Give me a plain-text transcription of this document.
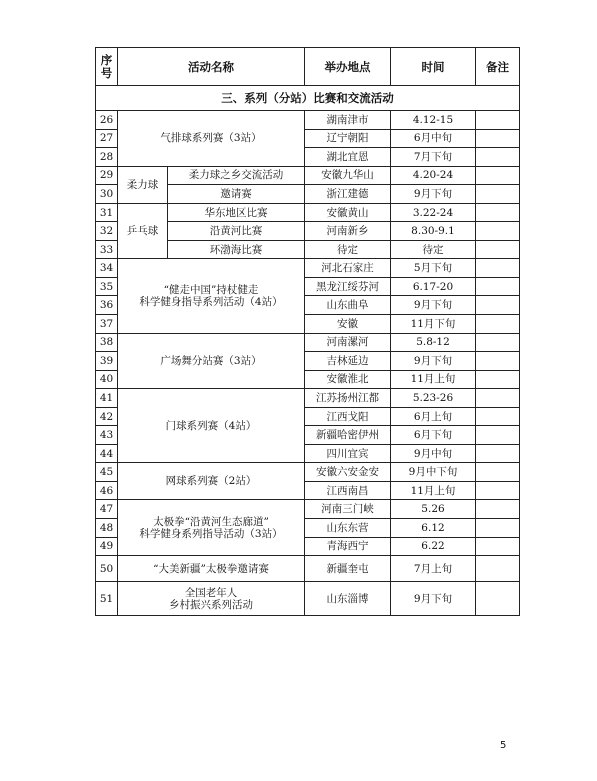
序号	活动名称		举办地点	时间	备注
三、系列（分站）比赛和交流活动					
26	气排球系列赛（3站）		湖南津市	4.12-15	
27			辽宁朝阳	6月中旬	
28			湖北宜恩	7月下旬	
29	柔力球	柔力球之乡交流活动	安徽九华山	4.20-24	
30		邀请赛	浙江建德	9月下旬	
31	乒乓球	华东地区比赛	安徽黄山	3.22-24	
32		沿黄河比赛	河南新乡	8.30-9.1	
33		环渤海比赛	待定	待定	
34	“健走中国”持杖健走
科学健身指导系列活动（4站）		河北石家庄	5月下旬	
35			黑龙江绥芬河	6.17-20	
36			山东曲阜	9月下旬	
37			安徽	11月下旬	
38	广场舞分站赛（3站）		河南漯河	5.8-12	
39			吉林延边	9月下旬	
40			安徽淮北	11月上旬	
41	门球系列赛（4站）		江苏扬州江都	5.23-26	
42			江西戈阳	6月上旬	
43			新疆哈密伊州	6月下旬	
44			四川宜宾	9月中旬	
45	网球系列赛（2站）		安徽六安金安	9月中下旬	
46			江西南昌	11月上旬	
47	太极拳“沿黄河生态廊道”
科学健身系列指导活动（3站）		河南三门峡	5.26	
48			山东东营	6.12	
49			青海西宁	6.22	
50	“大美新疆”太极拳邀请赛		新疆奎屯	7月上旬	
51	全国老年人
乡村振兴系列活动		山东淄博	9月下旬	
5
